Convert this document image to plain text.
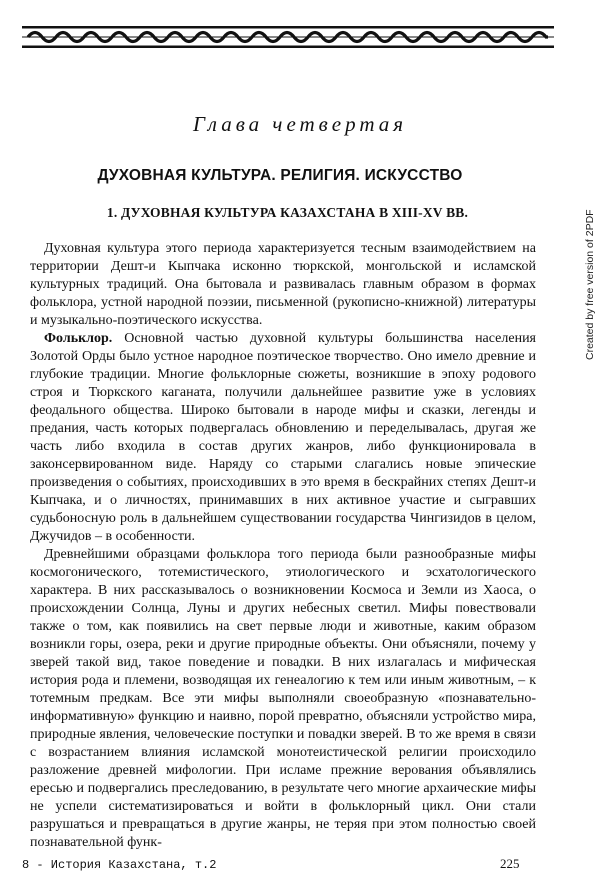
Глава четвертая
ДУХОВНАЯ КУЛЬТУРА. РЕЛИГИЯ. ИСКУССТВО
1. ДУХОВНАЯ КУЛЬТУРА КАЗАХСТАНА В XIII-XV ВВ.

Духовная культура этого периода характеризуется тесным взаимодействием на территории Дешт-и Кыпчака исконно тюркской, монгольской и исламской культурных традиций. Она бытовала и развивалась главным образом в формах фольклора, устной народной поэзии, письменной (рукописно-книжной) литературы и музыкально-поэтического искусства.

Фольклор. Основной частью духовной культуры большинства населения Золотой Орды было устное народное поэтическое творчество. Оно имело древние и глубокие традиции. Многие фольклорные сюжеты, возникшие в эпоху родового строя и Тюркского каганата, получили дальнейшее развитие уже в условиях феодального общества. Широко бытовали в народе мифы и сказки, легенды и предания, часть которых подвергалась обновлению и переделывалась, другая же часть либо входила в состав других жанров, либо функционировала в законсервированном виде. Наряду со старыми слагались новые эпические произведения о событиях, происходивших в это время в бескрайних степях Дешт-и Кыпчака, и о личностях, принимавших в них активное участие и сыгравших судьбоносную роль в дальнейшем существовании государства Чингизидов в целом, Джучидов – в особенности.

Древнейшими образцами фольклора того периода были разнообразные мифы космогонического, тотемистического, этиологического и эсхатологического характера. В них рассказывалось о возникновении Космоса и Земли из Хаоса, о происхождении Солнца, Луны и других небесных светил. Мифы повествовали также о том, как появились на свет первые люди и животные, каким образом возникли горы, озера, реки и другие природные объекты. Они объясняли, почему у зверей такой вид, такое поведение и повадки. В них излагалась и мифическая история рода и племени, возводящая их генеалогию к тем или иным животным, – к тотемным предкам. Все эти мифы выполняли своеобразную «познавательно-информативную» функцию и наивно, порой превратно, объясняли устройство мира, природные явления, человеческие поступки и повадки зверей. В то же время в связи с возрастанием влияния исламской монотеистической религии происходило разложение древней мифологии. При исламе прежние верования объявлялись ересью и подвергались преследованию, в результате чего многие архаические мифы не успели систематизироваться и войти в фольклорный цикл. Они стали разрушаться и превращаться в другие жанры, не теряя при этом полностью своей познавательной функ-

Created by free version of 2PDF
8 - История Казахстана, т.2	225
